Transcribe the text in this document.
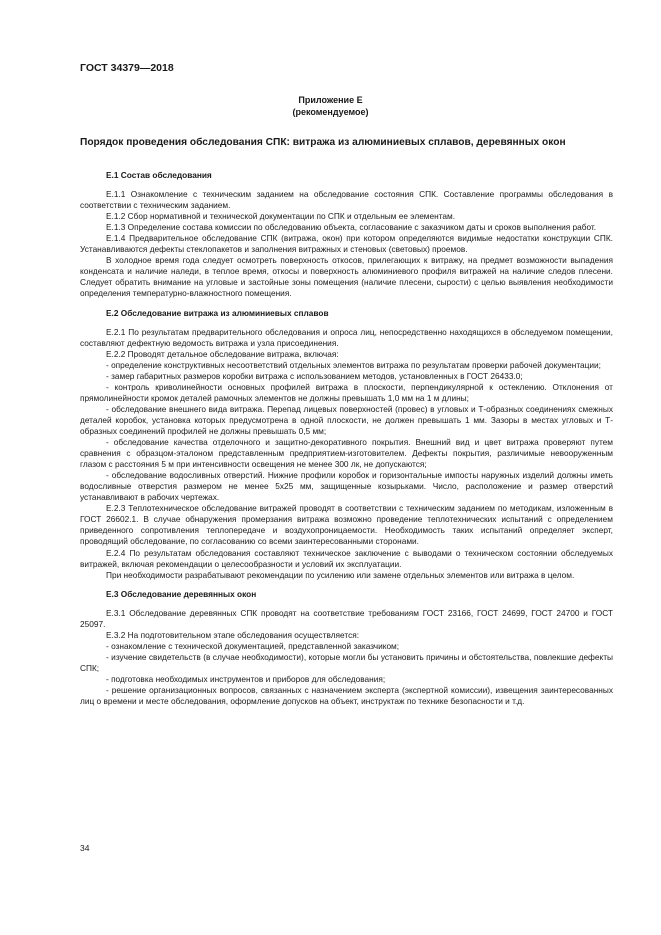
ГОСТ 34379—2018
Приложение Е
(рекомендуемое)
Порядок проведения обследования СПК: витража из алюминиевых сплавов, деревянных окон
Е.1 Состав обследования

Е.1.1 Ознакомление с техническим заданием на обследование состояния СПК. Составление программы обследования в соответствии с техническим заданием.

Е.1.2 Сбор нормативной и технической документации по СПК и отдельным ее элементам.

Е.1.3 Определение состава комиссии по обследованию объекта, согласование с заказчиком даты и сроков выполнения работ.

Е.1.4 Предварительное обследование СПК (витража, окон) при котором определяются видимые недостатки конструкции СПК. Устанавливаются дефекты стеклопакетов и заполнения витражных и стеновых (световых) проемов.

В холодное время года следует осмотреть поверхность откосов, прилегающих к витражу, на предмет возможности выпадения конденсата и наличие наледи, в теплое время, откосы и поверхность алюминиевого профиля витражей на наличие следов плесени. Следует обратить внимание на угловые и застойные зоны помещения (наличие плесени, сырости) с целью выявления необходимости определения температурно-влажностного помещения.

Е.2 Обследование витража из алюминиевых сплавов

Е.2.1 По результатам предварительного обследования и опроса лиц, непосредственно находящихся в обследуемом помещении, составляют дефектную ведомость витража и узла присоединения.

Е.2.2 Проводят детальное обследование витража, включая:

- определение конструктивных несоответствий отдельных элементов витража по результатам проверки рабочей документации;

- замер габаритных размеров коробки витража с использованием методов, установленных в ГОСТ 26433.0;

- контроль криволинейности основных профилей витража в плоскости, перпендикулярной к остеклению. Отклонения от прямолинейности кромок деталей рамочных элементов не должны превышать 1,0 мм на 1 м длины;

- обследование внешнего вида витража. Перепад лицевых поверхностей (провес) в угловых и Т-образных соединениях смежных деталей коробок, установка которых предусмотрена в одной плоскости, не должен превышать 1 мм. Зазоры в местах угловых и Т-образных соединений профилей не должны превышать 0,5 мм;

- обследование качества отделочного и защитно-декоративного покрытия. Внешний вид и цвет витража проверяют путем сравнения с образцом-эталоном представленным предприятием-изготовителем. Дефекты покрытия, различимые невооруженным глазом с расстояния 5 м при интенсивности освещения не менее 300 лк, не допускаются;

- обследование водосливных отверстий. Нижние профили коробок и горизонтальные импосты наружных изделий должны иметь водосливные отверстия размером не менее 5х25 мм, защищенные козырьками. Число, расположение и размер отверстий устанавливают в рабочих чертежах.

Е.2.3 Теплотехническое обследование витражей проводят в соответствии с техническим заданием по методикам, изложенным в ГОСТ 26602.1. В случае обнаружения промерзания витража возможно проведение теплотехнических испытаний с определением приведенного сопротивления теплопередаче и воздухопроницаемости. Необходимость таких испытаний определяет эксперт, проводящий обследование, по согласованию со всеми заинтересованными сторонами.

Е.2.4 По результатам обследования составляют техническое заключение с выводами о техническом состоянии обследуемых витражей, включая рекомендации о целесообразности и условий их эксплуатации.

При необходимости разрабатывают рекомендации по усилению или замене отдельных элементов или витража в целом.

Е.3 Обследование деревянных окон

Е.3.1 Обследование деревянных СПК проводят на соответствие требованиям ГОСТ 23166, ГОСТ 24699, ГОСТ 24700 и ГОСТ 25097.

Е.3.2 На подготовительном этапе обследования осуществляется:

- ознакомление с технической документацией, представленной заказчиком;

- изучение свидетельств (в случае необходимости), которые могли бы установить причины и обстоятельства, повлекшие дефекты СПК;

- подготовка необходимых инструментов и приборов для обследования;

- решение организационных вопросов, связанных с назначением эксперта (экспертной комиссии), извещения заинтересованных лиц о времени и месте обследования, оформление допусков на объект, инструктаж по технике безопасности и т.д.

34
